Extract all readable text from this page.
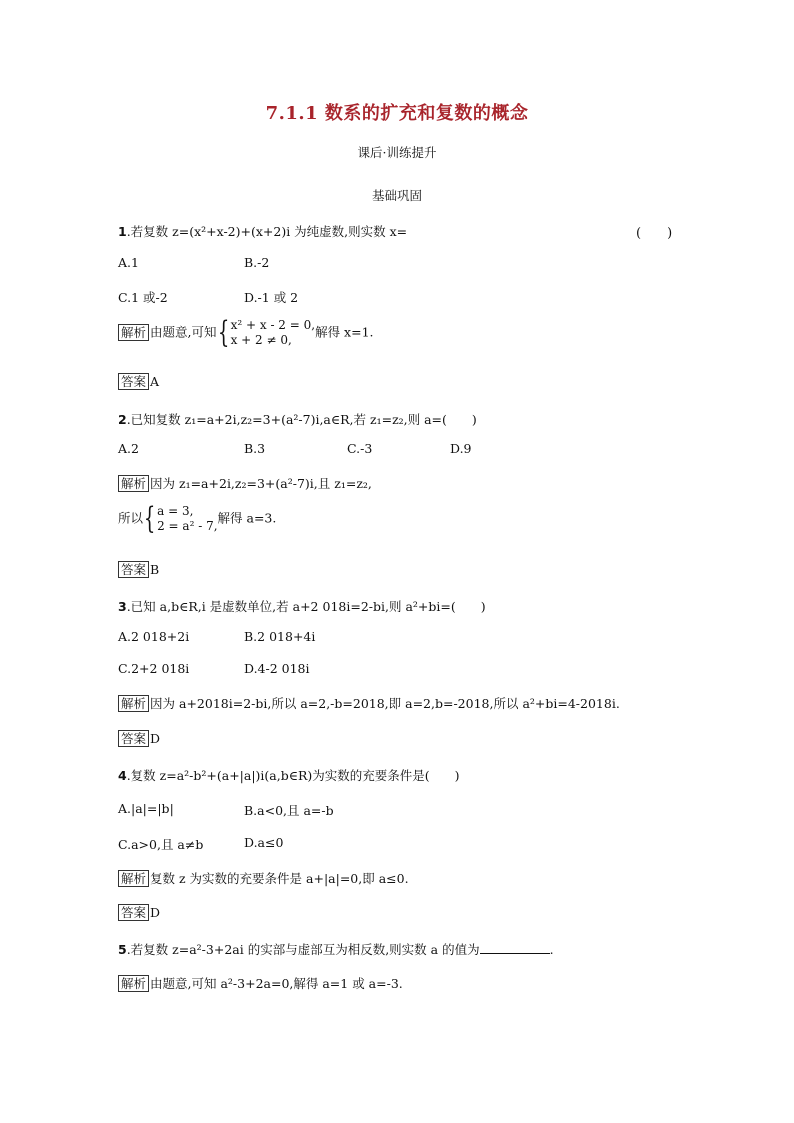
7.1.1 数系的扩充和复数的概念
课后·训练提升
基础巩固
1.若复数 z=(x²+x-2)+(x+2)i 为纯虚数,则实数 x=	(　　)
A.1	B.-2
C.1 或-2	D.-1 或 2
解析 由题意,可知{ x² + x - 2 = 0,
x + 2 ≠ 0,解得 x=1.
答案 A
2.已知复数 z₁=a+2i,z₂=3+(a²-7)i,a∈R,若 z₁=z₂,则 a=(　　)
A.2	B.3	C.-3	D.9
解析 因为 z₁=a+2i,z₂=3+(a²-7)i,且 z₁=z₂,
所以{ a = 3,
2 = a² - 7,解得 a=3.
答案 B
3.已知 a,b∈R,i 是虚数单位,若 a+2 018i=2-bi,则 a²+bi=(　　)
A.2 018+2i	B.2 018+4i
C.2+2 018i	D.4-2 018i
解析 因为 a+2018i=2-bi,所以 a=2,-b=2018,即 a=2,b=-2018,所以 a²+bi=4-2018i.
答案 D
4.复数 z=a²-b²+(a+|a|)i(a,b∈R)为实数的充要条件是(　　)
A.|a|=|b|	B.a<0,且 a=-b
C.a>0,且 a≠b	D.a≤0
解析 复数 z 为实数的充要条件是 a+|a|=0,即 a≤0.
答案 D
5.若复数 z=a²-3+2ai 的实部与虚部互为相反数,则实数 a 的值为	.
解析 由题意,可知 a²-3+2a=0,解得 a=1 或 a=-3.
